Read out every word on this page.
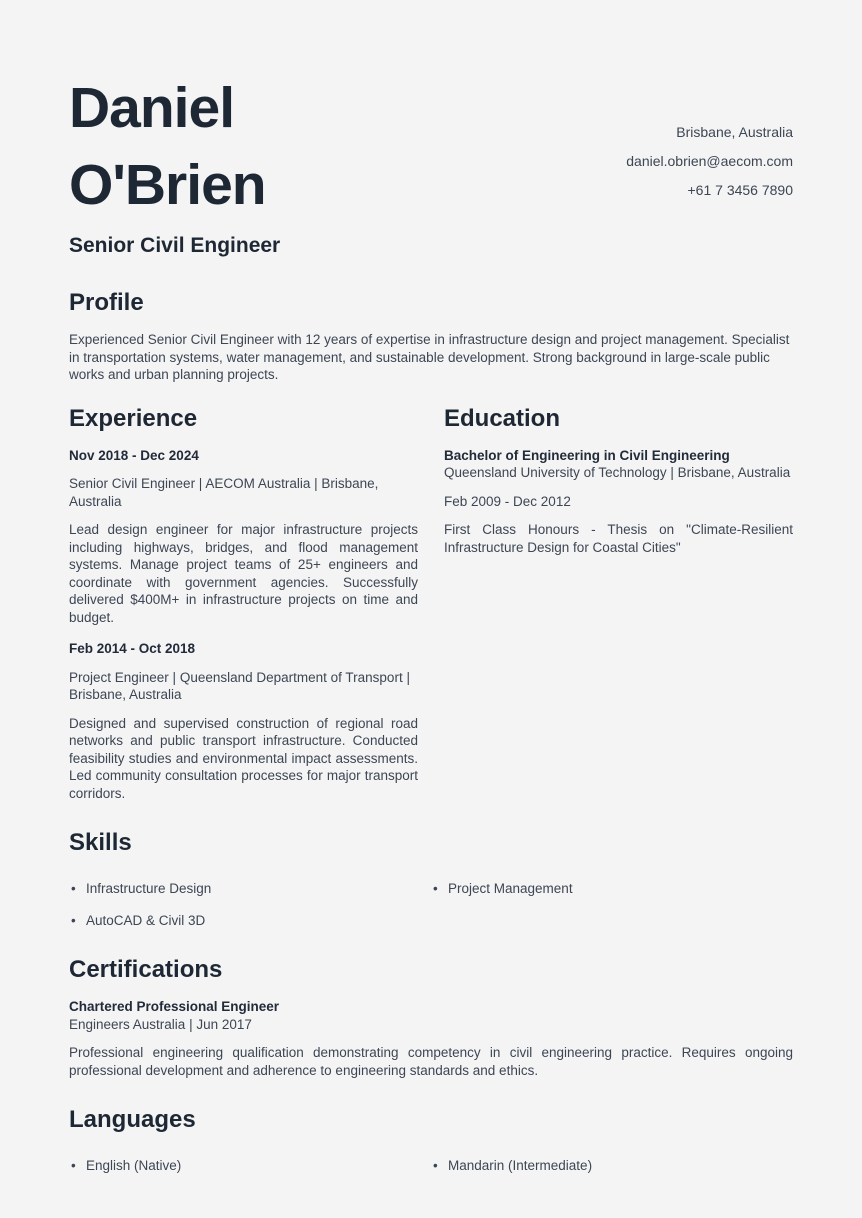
Daniel
O'Brien
Senior Civil Engineer
Brisbane, Australia
daniel.obrien@aecom.com
+61 7 3456 7890
Profile

Experienced Senior Civil Engineer with 12 years of expertise in infrastructure design and project management. Specialist in transportation systems, water management, and sustainable development. Strong background in large-scale public works and urban planning projects.

Experience
Nov 2018 - Dec 2024
Senior Civil Engineer | AECOM Australia | Brisbane, Australia

Lead design engineer for major infrastructure projects including highways, bridges, and flood management systems. Manage project teams of 25+ engineers and coordinate with government agencies. Successfully delivered $400M+ in infrastructure projects on time and budget.

Feb 2014 - Oct 2018
Project Engineer | Queensland Department of Transport | Brisbane, Australia

Designed and supervised construction of regional road networks and public transport infrastructure. Conducted feasibility studies and environmental impact assessments. Led community consultation processes for major transport corridors.

Education
Bachelor of Engineering in Civil Engineering
Queensland University of Technology | Brisbane, Australia
Feb 2009 - Dec 2012

First Class Honours - Thesis on "Climate-Resilient Infrastructure Design for Coastal Cities"

Skills
• Infrastructure Design
• AutoCAD & Civil 3D
• Project Management
Certifications
Chartered Professional Engineer
Engineers Australia | Jun 2017

Professional engineering qualification demonstrating competency in civil engineering practice. Requires ongoing professional development and adherence to engineering standards and ethics.

Languages
• English (Native)	• Mandarin (Intermediate)
